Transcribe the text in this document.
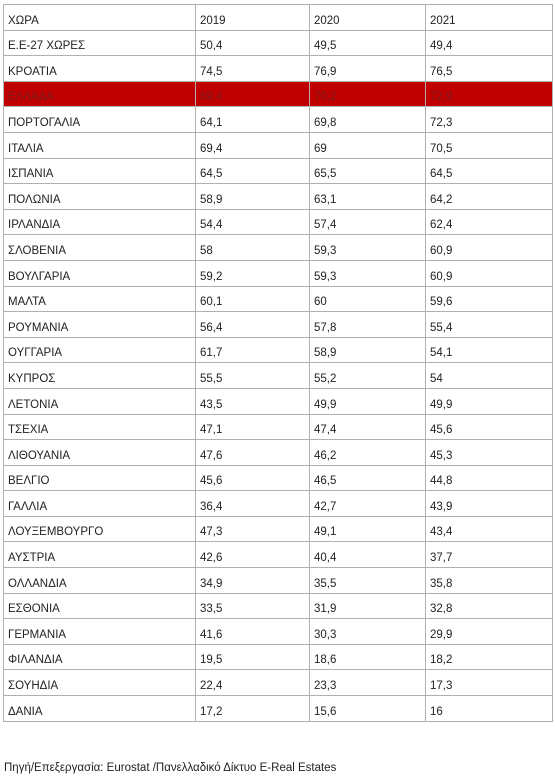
ΧΩΡΑ	2019	2020	2021
Ε.Ε-27 ΧΩΡΕΣ	50,4	49,5	49,4
ΚΡΟΑΤΙΑ	74,5	76,9	76,5
ΕΛΛΑΔΑ	69,4	70,2	72,9
ΠΟΡΤΟΓΑΛΙΑ	64,1	69,8	72,3
ΙΤΑΛΙΑ	69,4	69	70,5
ΙΣΠΑΝΙΑ	64,5	65,5	64,5
ΠΟΛΩΝΙΑ	58,9	63,1	64,2
ΙΡΛΑΝΔΙΑ	54,4	57,4	62,4
ΣΛΟΒΕΝΙΑ	58	59,3	60,9
ΒΟΥΛΓΑΡΙΑ	59,2	59,3	60,9
ΜΑΛΤΑ	60,1	60	59,6
ΡΟΥΜΑΝΙΑ	56,4	57,8	55,4
ΟΥΓΓΑΡΙΑ	61,7	58,9	54,1
ΚΥΠΡΟΣ	55,5	55,2	54
ΛΕΤΟΝΙΑ	43,5	49,9	49,9
ΤΣΕΧΙΑ	47,1	47,4	45,6
ΛΙΘΟΥΑΝΙΑ	47,6	46,2	45,3
ΒΕΛΓΙΟ	45,6	46,5	44,8
ΓΑΛΛΙΑ	36,4	42,7	43,9
ΛΟΥΞΕΜΒΟΥΡΓΟ	47,3	49,1	43,4
ΑΥΣΤΡΙΑ	42,6	40,4	37,7
ΟΛΛΑΝΔΙΑ	34,9	35,5	35,8
ΕΣΘΟΝΙΑ	33,5	31,9	32,8
ΓΕΡΜΑΝΙΑ	41,6	30,3	29,9
ΦΙΛΑΝΔΙΑ	19,5	18,6	18,2
ΣΟΥΗΔΙΑ	22,4	23,3	17,3
ΔΑΝΙΑ	17,2	15,6	16
Πηγή/Επεξεργασία: Eurostat /Πανελλαδικό Δίκτυο E-Real Estates
